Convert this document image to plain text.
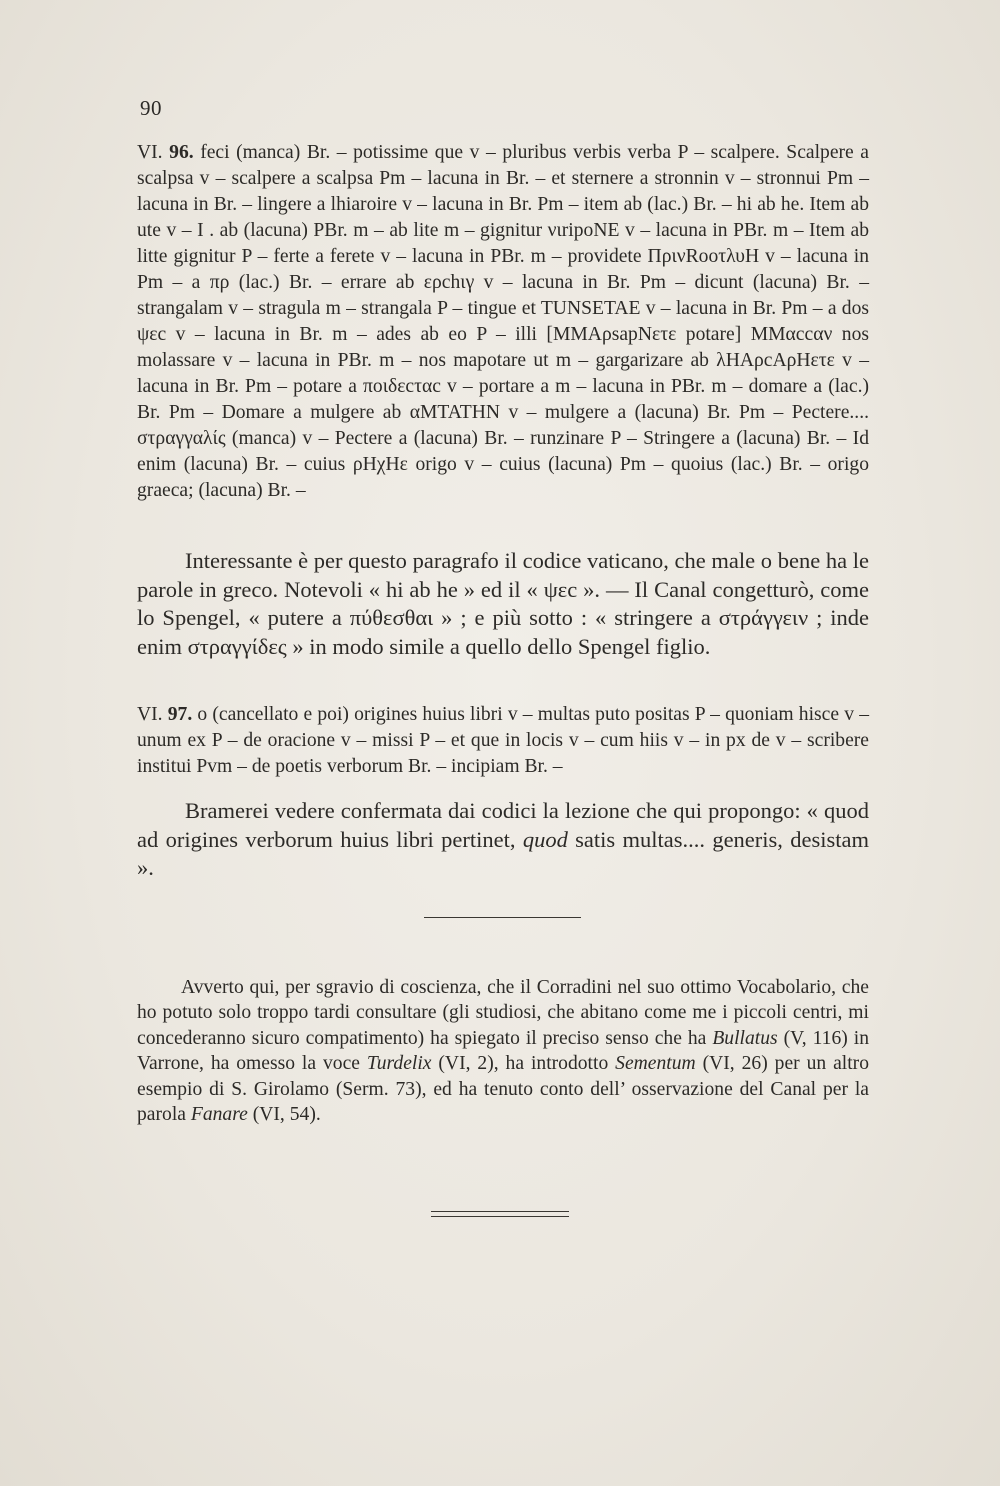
90

VI. 96. feci (manca) Br. – potissime que v – pluribus verbis verba P – scalpere. Scalpere a scalpsa v – scalpere a scalpsa Pm – lacuna in Br. – et sternere a stronnin v – stronnui Pm – lacuna in Br. – lingere a lhiaroire v – lacuna in Br. Pm – item ab (lac.) Br. – hi ab he. Item ab ute v – I . ab (lacuna) PBr. m – ab lite m – gignitur νιripoNE v – lacuna in PBr. m – Item ab litte gignitur P – ferte a ferete v – lacuna in PBr. m – providete ΠρινRooτλυH v – lacuna in Pm – a πρ (lac.) Br. – errare ab ερchιγ v – lacuna in Br. Pm – dicunt (lacuna) Br. – strangalam v – stragula m – strangala P – tingue et TUNSETAE v – lacuna in Br. Pm – a dos ψεc v – lacuna in Br. m – ades ab eo P – illi [MMAρsapNετε potare] MMαccαν nos molassare v – lacuna in PBr. m – nos mapotare ut m – gargarizare ab λHAρcAρHετε v – lacuna in Br. Pm – potare a ποιδεcταc v – portare a m – lacuna in PBr. m – domare a (lac.) Br. Pm – Domare a mulgere ab αMTATHN v – mulgere a (lacuna) Br. Pm – Pectere.... στραγγαλίς (manca) v – Pectere a (lacuna) Br. – runzinare P – Stringere a (lacuna) Br. – Id enim (lacuna) Br. – cuius ρHχHε origo v – cuius (lacuna) Pm – quoius (lac.) Br. – origo graeca; (lacuna) Br. –

Interessante è per questo paragrafo il codice vaticano, che male o bene ha le parole in greco. Notevoli « hi ab he » ed il « ψεc ». — Il Canal congetturò, come lo Spengel, « putere a πύθεσθαι » ; e più sotto : « stringere a στράγγειν ; inde enim στραγγίδες » in modo simile a quello dello Spengel figlio.

VI. 97. o (cancellato e poi) origines huius libri v – multas puto positas P – quoniam hisce v – unum ex P – de oracione v – missi P – et que in locis v – cum hiis v – in px de v – scribere institui Pvm – de poetis verborum Br. – incipiam Br. –

Bramerei vedere confermata dai codici la lezione che qui propongo: « quod ad origines verborum huius libri pertinet, quod satis multas.... generis, desistam ».

Avverto qui, per sgravio di coscienza, che il Corradini nel suo ottimo Vocabolario, che ho potuto solo troppo tardi consultare (gli studiosi, che abitano come me i piccoli centri, mi concederanno sicuro compatimento) ha spiegato il preciso senso che ha Bullatus (V, 116) in Varrone, ha omesso la voce Turdelix (VI, 2), ha introdotto Sementum (VI, 26) per un altro esempio di S. Girolamo (Serm. 73), ed ha tenuto conto dell’ osservazione del Canal per la parola Fanare (VI, 54).
